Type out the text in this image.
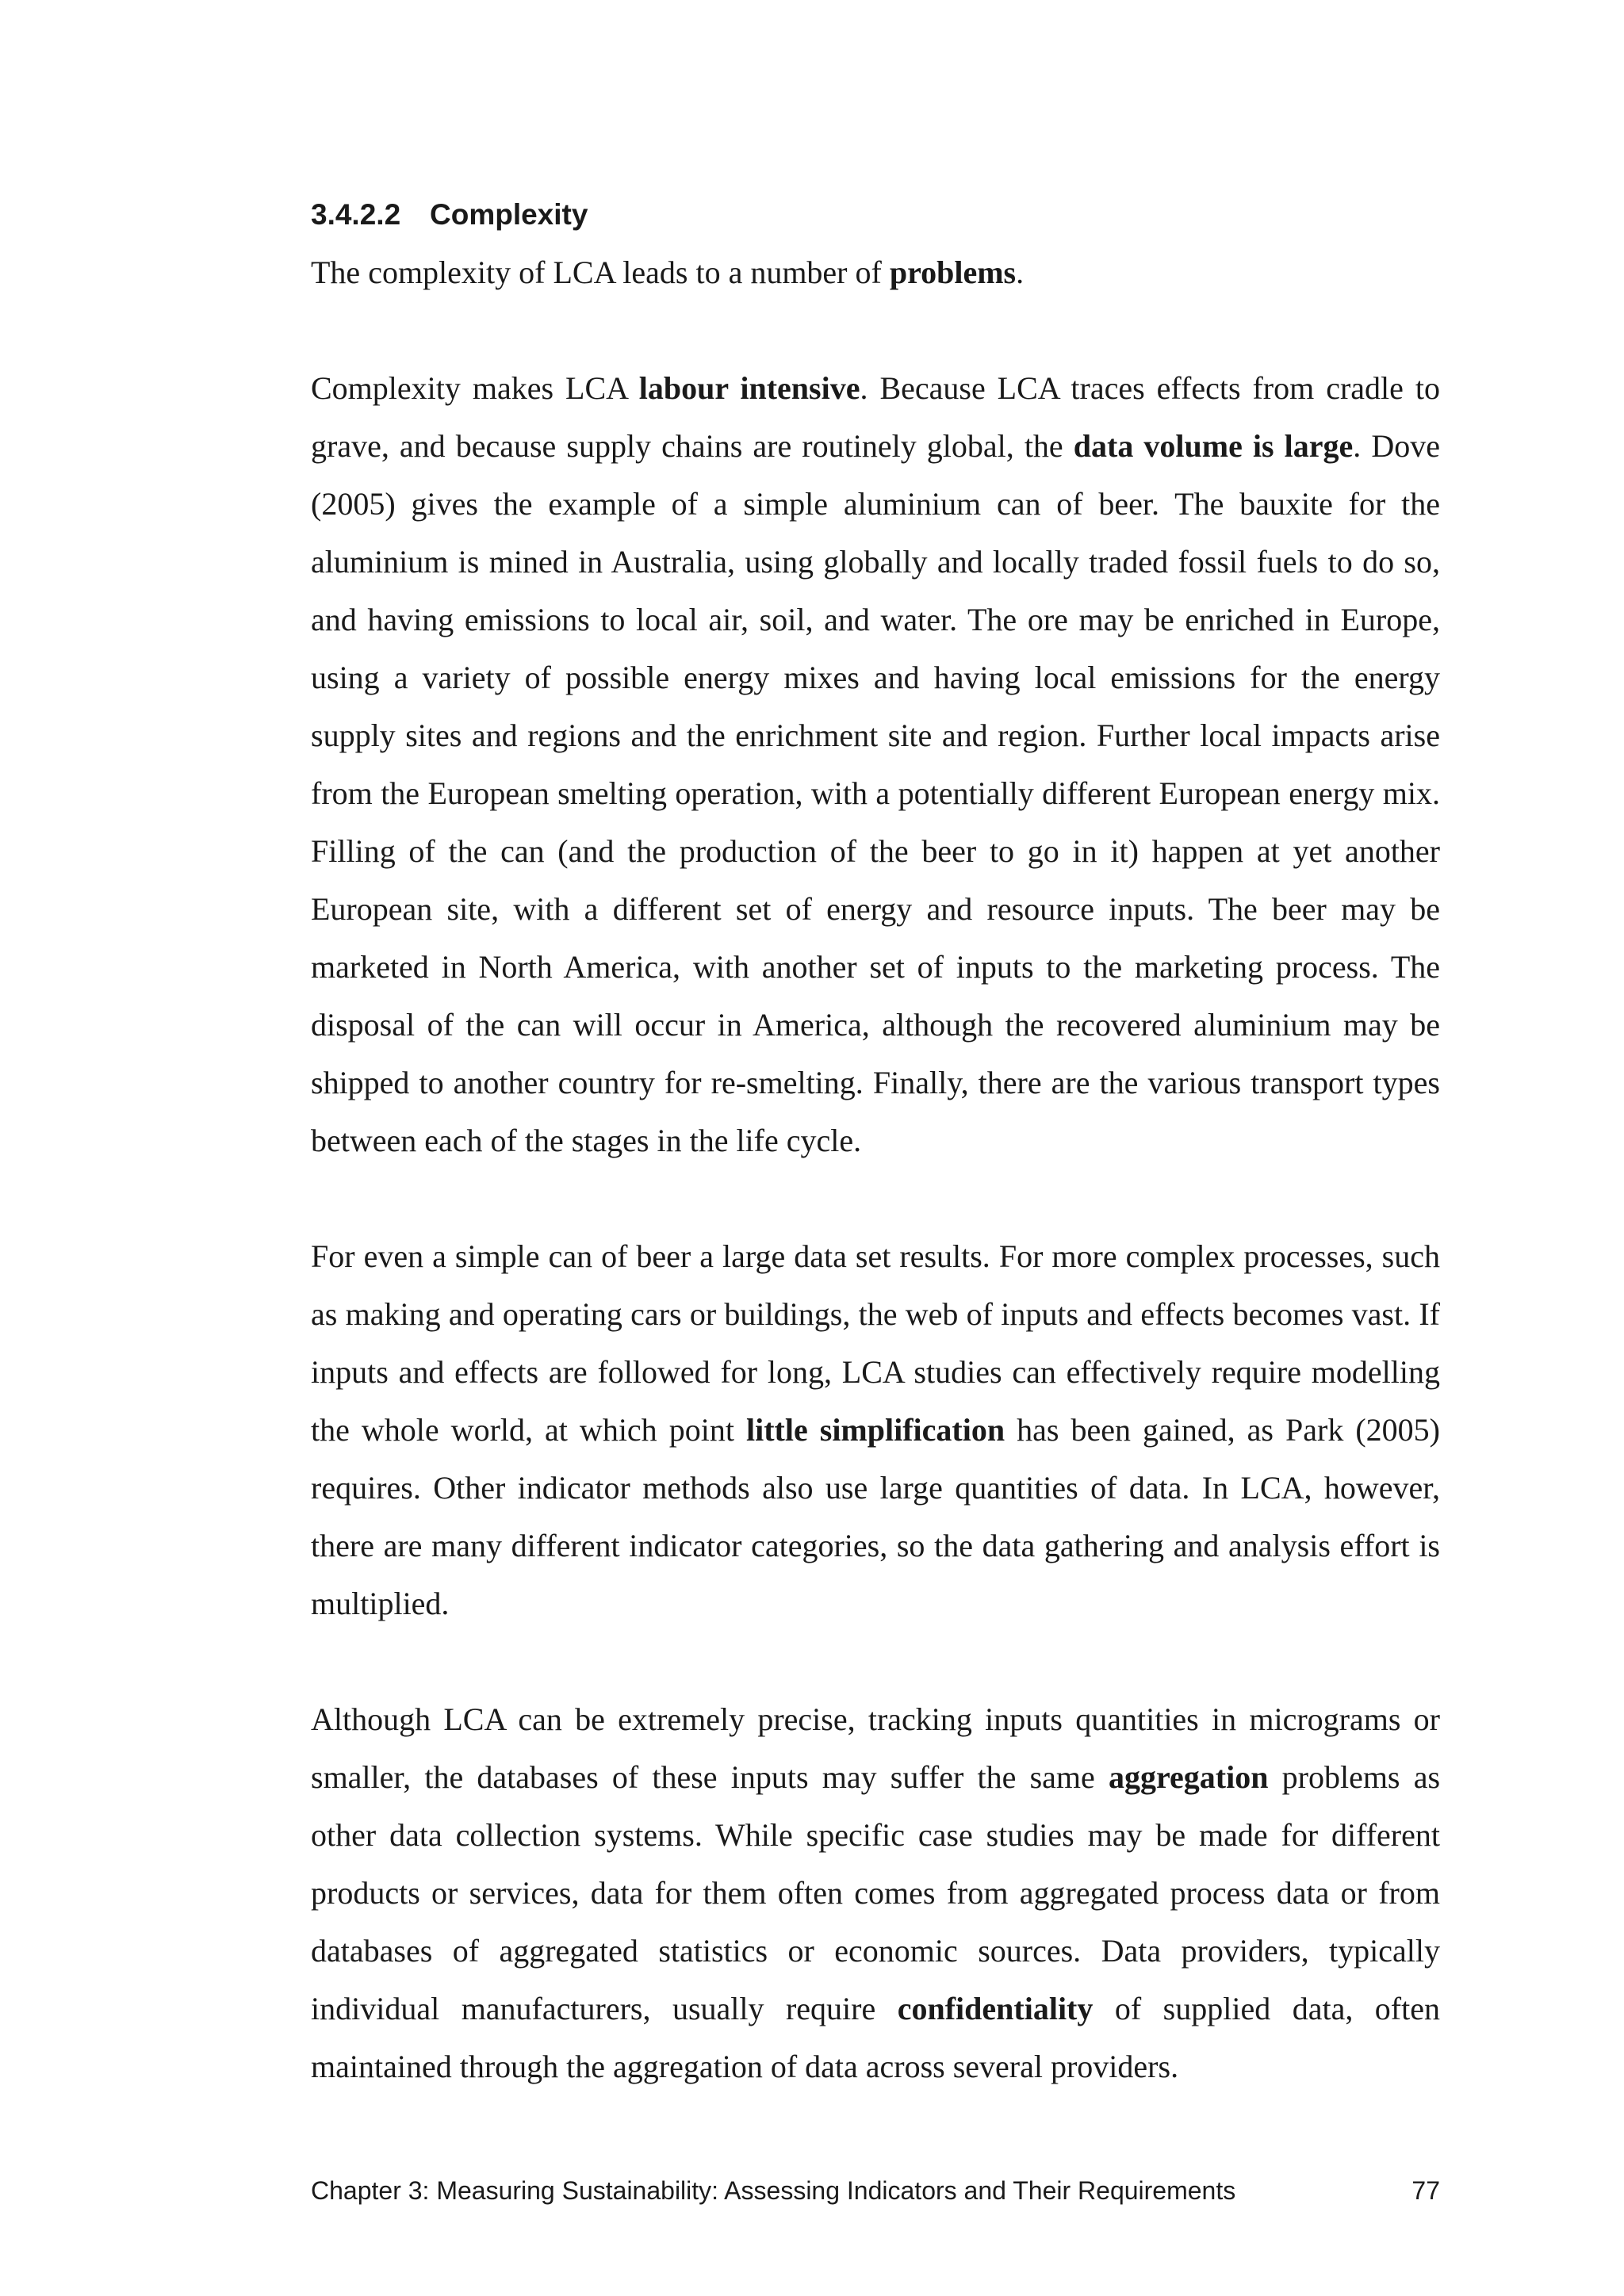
3.4.2.2 Complexity

The complexity of LCA leads to a number of problems.

Complexity makes LCA labour intensive. Because LCA traces effects from cradle to grave, and because supply chains are routinely global, the data volume is large. Dove (2005) gives the example of a simple aluminium can of beer. The bauxite for the aluminium is mined in Australia, using globally and locally traded fossil fuels to do so, and having emissions to local air, soil, and water. The ore may be enriched in Europe, using a variety of possible energy mixes and having local emissions for the energy supply sites and regions and the enrichment site and region. Further local impacts arise from the European smelting operation, with a potentially different European energy mix. Filling of the can (and the production of the beer to go in it) happen at yet another European site, with a different set of energy and resource inputs. The beer may be marketed in North America, with another set of inputs to the marketing process. The disposal of the can will occur in America, although the recovered aluminium may be shipped to another country for re-smelting. Finally, there are the various transport types between each of the stages in the life cycle.

For even a simple can of beer a large data set results. For more complex processes, such as making and operating cars or buildings, the web of inputs and effects becomes vast. If inputs and effects are followed for long, LCA studies can effectively require modelling the whole world, at which point little simplification has been gained, as Park (2005) requires. Other indicator methods also use large quantities of data. In LCA, however, there are many different indicator categories, so the data gathering and analysis effort is multiplied.

Although LCA can be extremely precise, tracking inputs quantities in micrograms or smaller, the databases of these inputs may suffer the same aggregation problems as other data collection systems. While specific case studies may be made for different products or services, data for them often comes from aggregated process data or from databases of aggregated statistics or economic sources. Data providers, typically individual manufacturers, usually require confidentiality of supplied data, often maintained through the aggregation of data across several providers.

Chapter 3: Measuring Sustainability: Assessing Indicators and Their Requirements	77
